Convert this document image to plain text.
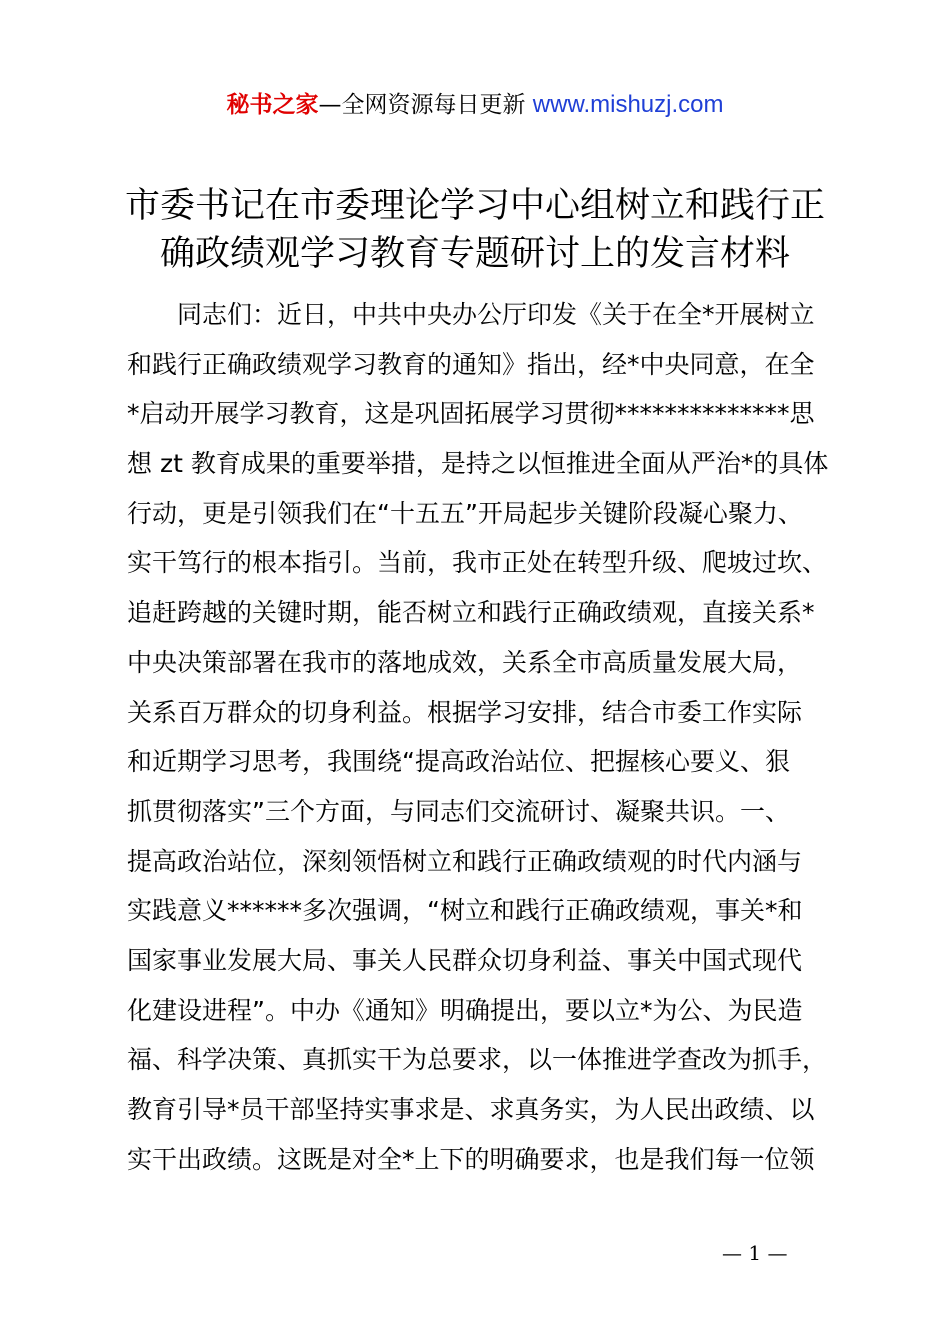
秘书之家—全网资源每日更新 www.mishuzj.com
市委书记在市委理论学习中心组树立和践行正
确政绩观学习教育专题研讨上的发言材料
同志们：近日，中共中央办公厅印发《关于在全*开展树立
和践行正确政绩观学习教育的通知》指出，经*中央同意，在全
*启动开展学习教育，这是巩固拓展学习贯彻**************思
想 zt 教育成果的重要举措，是持之以恒推进全面从严治*的具体
行动，更是引领我们在“十五五”开局起步关键阶段凝心聚力、
实干笃行的根本指引。当前，我市正处在转型升级、爬坡过坎、
追赶跨越的关键时期，能否树立和践行正确政绩观，直接关系*
中央决策部署在我市的落地成效，关系全市高质量发展大局，
关系百万群众的切身利益。根据学习安排，结合市委工作实际
和近期学习思考，我围绕“提高政治站位、把握核心要义、狠
抓贯彻落实”三个方面，与同志们交流研讨、凝聚共识。一、
提高政治站位，深刻领悟树立和践行正确政绩观的时代内涵与
实践意义******多次强调，“树立和践行正确政绩观，事关*和
国家事业发展大局、事关人民群众切身利益、事关中国式现代
化建设进程”。中办《通知》明确提出，要以立*为公、为民造
福、科学决策、真抓实干为总要求，以一体推进学查改为抓手，
教育引导*员干部坚持实事求是、求真务实，为人民出政绩、以
实干出政绩。这既是对全*上下的明确要求，也是我们每一位领
— 1 —
